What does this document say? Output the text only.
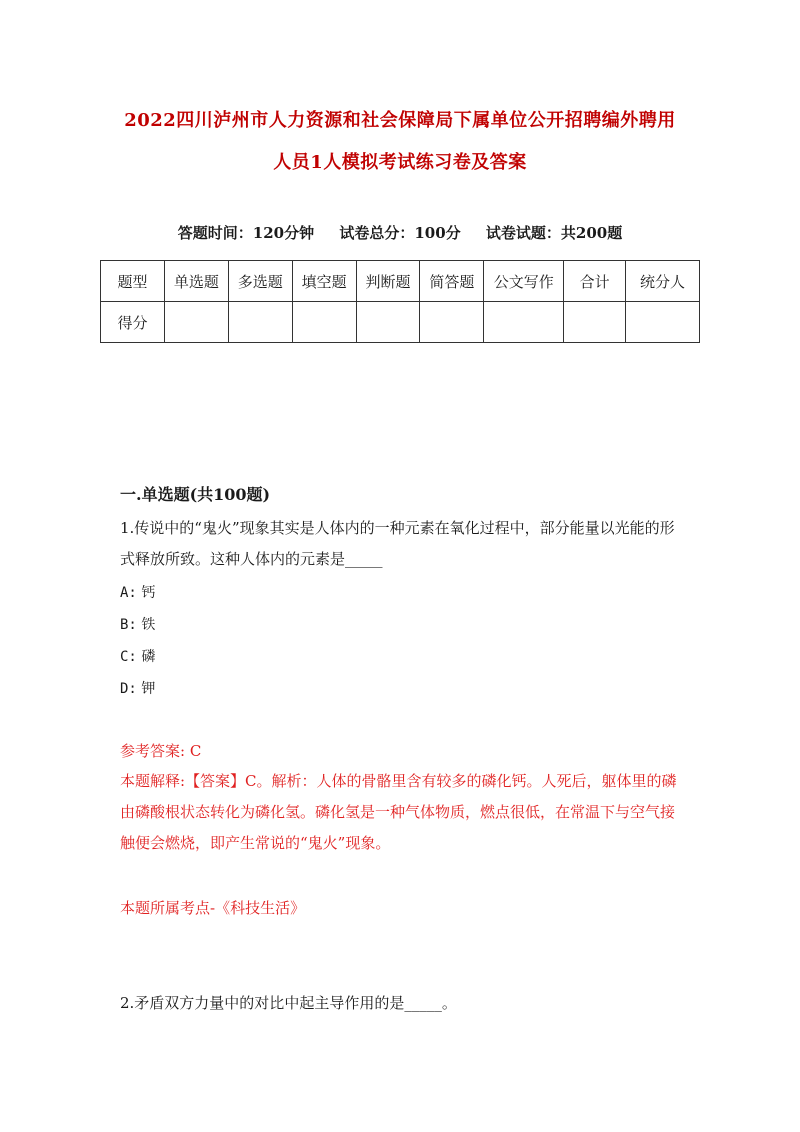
2022四川泸州市人力资源和社会保障局下属单位公开招聘编外聘用
人员1人模拟考试练习卷及答案
答题时间：120分钟 试卷总分：100分 试卷试题：共200题
题型	单选题	多选题	填空题	判断题	简答题	公文写作	合计	统分人
得分								
一.单选题(共100题)
1.传说中的“鬼火”现象其实是人体内的一种元素在氧化过程中，部分能量以光能的形式释放所致。这种人体内的元素是_____
A: 钙
B: 铁
C: 磷
D: 钾
参考答案: C
本题解释:【答案】C。解析：人体的骨骼里含有较多的磷化钙。人死后，躯体里的磷由磷酸根状态转化为磷化氢。磷化氢是一种气体物质，燃点很低，在常温下与空气接触便会燃烧，即产生常说的“鬼火”现象。
本题所属考点-《科技生活》
2.矛盾双方力量中的对比中起主导作用的是_____。
